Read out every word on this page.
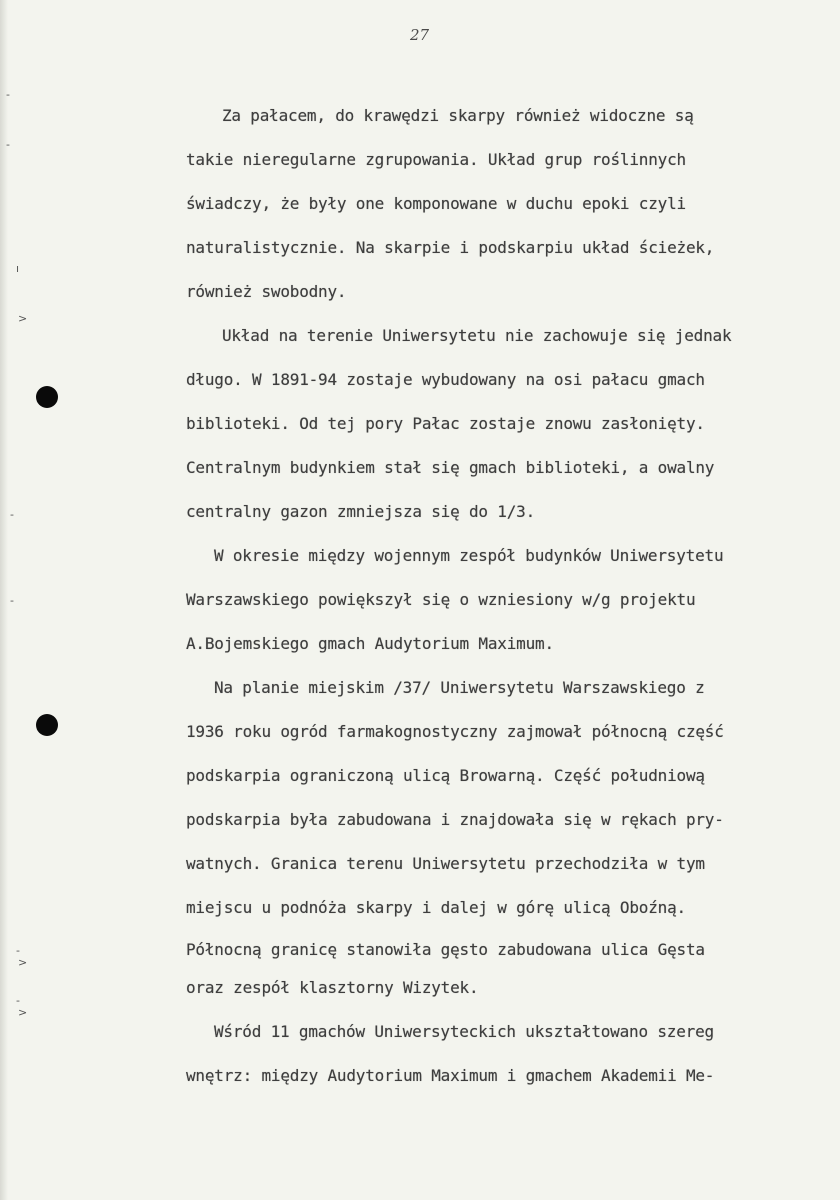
27
-
-
ı
>
-
-
-
>
-
>
Za pałacem, do krawędzi skarpy również widoczne są
takie nieregularne zgrupowania. Układ grup roślinnych
świadczy, że były one komponowane w duchu epoki czyli
naturalistycznie. Na skarpie i podskarpiu układ ścieżek,
również swobodny.
Układ na terenie Uniwersytetu nie zachowuje się jednak
długo. W 1891-94 zostaje wybudowany na osi pałacu gmach
biblioteki. Od tej pory Pałac zostaje znowu zasłonięty.
Centralnym budynkiem stał się gmach biblioteki, a owalny
centralny gazon zmniejsza się do 1/3.
W okresie między wojennym zespół budynków Uniwersytetu
Warszawskiego powiększył się o wzniesiony w/g projektu
A.Bojemskiego gmach Audytorium Maximum.
Na planie miejskim /37/ Uniwersytetu Warszawskiego z
1936 roku ogród farmakognostyczny zajmował północną część
podskarpia ograniczoną ulicą Browarną. Część południową
podskarpia była zabudowana i znajdowała się w rękach pry-
watnych. Granica terenu Uniwersytetu przechodziła w tym
miejscu u podnóża skarpy i dalej w górę ulicą Oboźną.
Północną granicę stanowiła gęsto zabudowana ulica Gęsta
oraz zespół klasztorny Wizytek.
Wśród 11 gmachów Uniwersyteckich ukształtowano szereg
wnętrz: między Audytorium Maximum i gmachem Akademii Me-
